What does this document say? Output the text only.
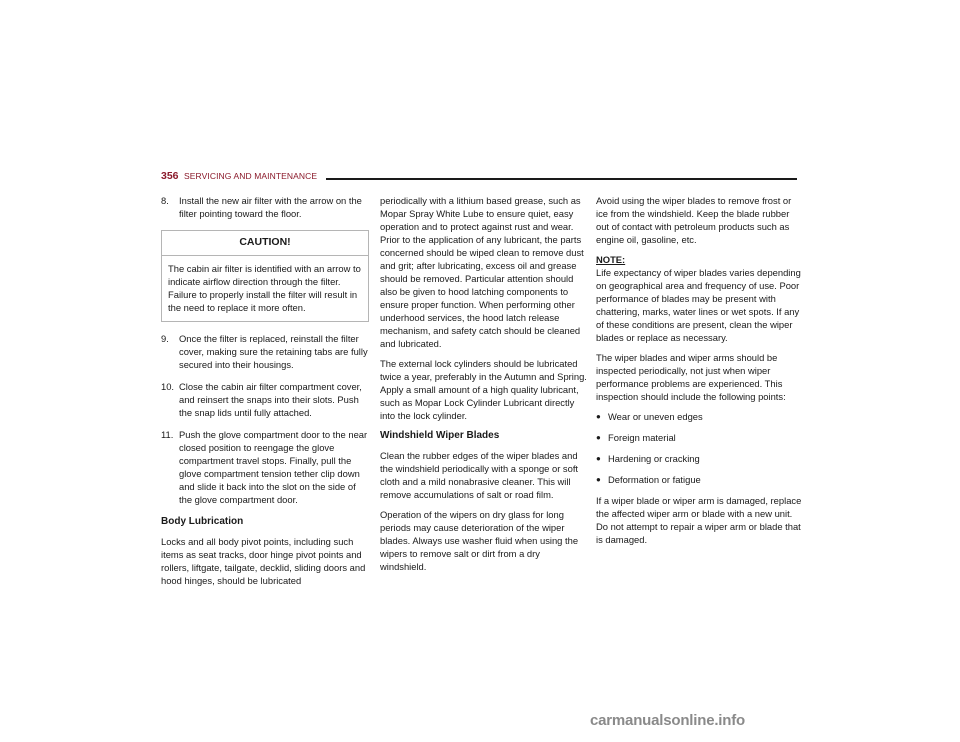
356 SERVICING AND MAINTENANCE
8.	Install the new air filter with the arrow on the filter pointing toward the floor.
CAUTION!
The cabin air filter is identified with an arrow to indicate airflow direction through the filter. Failure to properly install the filter will result in the need to replace it more often.
9.	Once the filter is replaced, reinstall the filter cover, making sure the retaining tabs are fully secured into their housings.
10. Close the cabin air filter compartment cover, and reinsert the snaps into their slots. Push the snap lids until fully attached.
11. Push the glove compartment door to the near closed position to reengage the glove compartment travel stops. Finally, pull the glove compartment tension tether clip down and slide it back into the slot on the side of the glove compartment door.
Body Lubrication

Locks and all body pivot points, including such items as seat tracks, door hinge pivot points and rollers, liftgate, tailgate, decklid, sliding doors and hood hinges, should be lubricated

periodically with a lithium based grease, such as Mopar Spray White Lube to ensure quiet, easy operation and to protect against rust and wear. Prior to the application of any lubricant, the parts concerned should be wiped clean to remove dust and grit; after lubricating, excess oil and grease should be removed. Particular attention should also be given to hood latching components to ensure proper function. When performing other underhood services, the hood latch release mechanism, and safety catch should be cleaned and lubricated.

The external lock cylinders should be lubricated twice a year, preferably in the Autumn and Spring. Apply a small amount of a high quality lubricant, such as Mopar Lock Cylinder Lubricant directly into the lock cylinder.

Windshield Wiper Blades

Clean the rubber edges of the wiper blades and the windshield periodically with a sponge or soft cloth and a mild nonabrasive cleaner. This will remove accumulations of salt or road film.

Operation of the wipers on dry glass for long periods may cause deterioration of the wiper blades. Always use washer fluid when using the wipers to remove salt or dirt from a dry windshield.

Avoid using the wiper blades to remove frost or ice from the windshield. Keep the blade rubber out of contact with petroleum products such as engine oil, gasoline, etc.

NOTE:
Life expectancy of wiper blades varies depending on geographical area and frequency of use. Poor performance of blades may be present with chattering, marks, water lines or wet spots. If any of these conditions are present, clean the wiper blades or replace as necessary.

The wiper blades and wiper arms should be inspected periodically, not just when wiper performance problems are experienced. This inspection should include the following points:

● Wear or uneven edges
● Foreign material
● Hardening or cracking
● Deformation or fatigue

If a wiper blade or wiper arm is damaged, replace the affected wiper arm or blade with a new unit. Do not attempt to repair a wiper arm or blade that is damaged.

carmanualsonline.info
